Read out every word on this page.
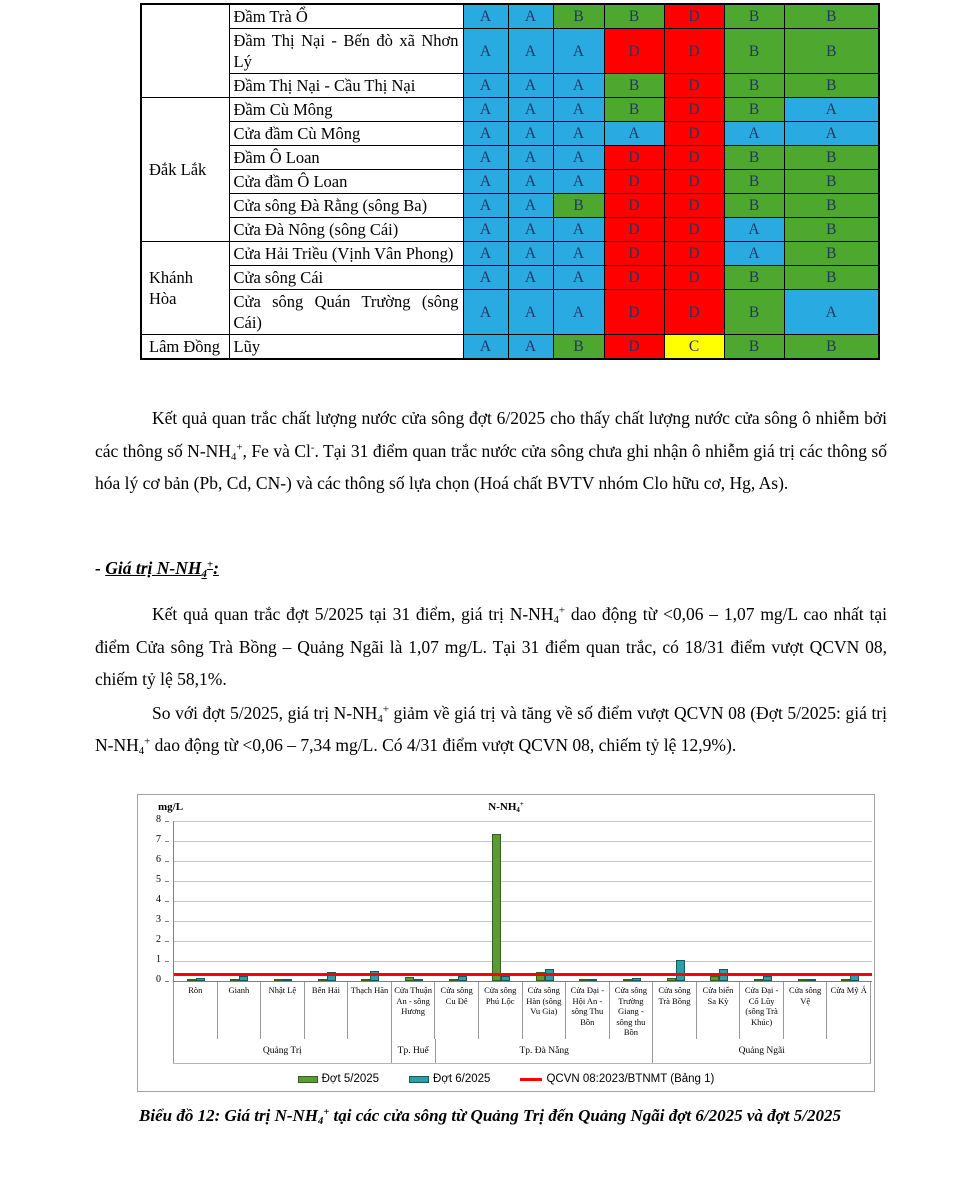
	Đầm Trà Ổ	A	A	B	B	D	B	B
	Đầm Thị Nại - Bến đò xã Nhơn Lý	A	A	A	D	D	B	B
	Đầm Thị Nại - Cầu Thị Nại	A	A	A	B	D	B	B
Đắk Lắk	Đầm Cù Mông	A	A	A	B	D	B	A
	Cửa đầm Cù Mông	A	A	A	A	D	A	A
	Đầm Ô Loan	A	A	A	D	D	B	B
	Cửa đầm Ô Loan	A	A	A	D	D	B	B
	Cửa sông Đà Rằng (sông Ba)	A	A	B	D	D	B	B
	Cửa Đà Nông (sông Cái)	A	A	A	D	D	A	B
Khánh Hòa	Cửa Hải Triều (Vịnh Vân Phong)	A	A	A	D	D	A	B
	Cửa sông Cái	A	A	A	D	D	B	B
	Cửa sông Quán Trường (sông Cái)	A	A	A	D	D	B	A
Lâm Đồng	Lũy	A	A	B	D	C	B	B
Kết quả quan trắc chất lượng nước cửa sông đợt 6/2025 cho thấy chất lượng nước cửa sông ô nhiễm bởi các thông số $N-NH_4^+$, Fe và Cl-. Tại 31 điểm quan trắc nước cửa sông chưa ghi nhận ô nhiễm giá trị các thông số hóa lý cơ bản (Pb, Cd, CN-) và các thông số lựa chọn (Hoá chất BVTV nhóm Clo hữu cơ, Hg, As).
- Giá trị $N-NH_4^+$:
Kết quả quan trắc đợt 5/2025 tại 31 điểm, giá trị $N-NH_4^+$ dao động từ <0,06 – 1,07 mg/L cao nhất tại điểm Cửa sông Trà Bồng – Quảng Ngãi là 1,07 mg/L. Tại 31 điểm quan trắc, có 18/31 điểm vượt QCVN 08, chiếm tỷ lệ 58,1%.
So với đợt 5/2025, giá trị $N-NH_4^+$ giảm về giá trị và tăng về số điểm vượt QCVN 08 (Đợt 5/2025: giá trị $N-NH_4^+$ dao động từ <0,06 – 7,34 mg/L. Có 4/31 điểm vượt QCVN 08, chiếm tỷ lệ 12,9%).
mg/L	$N-NH_4^+$
0
1
2
3
4
5
6
7
8
Ròn	Gianh	Nhật Lệ	Bến Hải	Thạch Hãn Cửa Thuận An - sông Hương
Cửa sông Cu Đê
Cửa sông Phú Lộc
Cửa sông Hàn (sông Vu Gia)
Cửa Đại - Hội An - sông Thu Bồn
Cửa sông Trường Giang - sông thu Bồn
Cửa sông Trà Bồng
Cửa biển Sa Kỳ
Cửa Đại - Cổ Lũy (sông Trà Khúc)
Cửa sông Vệ
Cửa Mỹ Á
Quảng Trị	Tp. Huế	Tp. Đà Nẵng	Quảng Ngãi
Đợt 5/2025	Đợt 6/2025	QCVN 08:2023/BTNMT (Bảng 1)
Biểu đồ 12: Giá trị $N-NH_4^+$ tại các cửa sông từ Quảng Trị đến Quảng Ngãi đợt 6/2025 và đợt 5/2025
